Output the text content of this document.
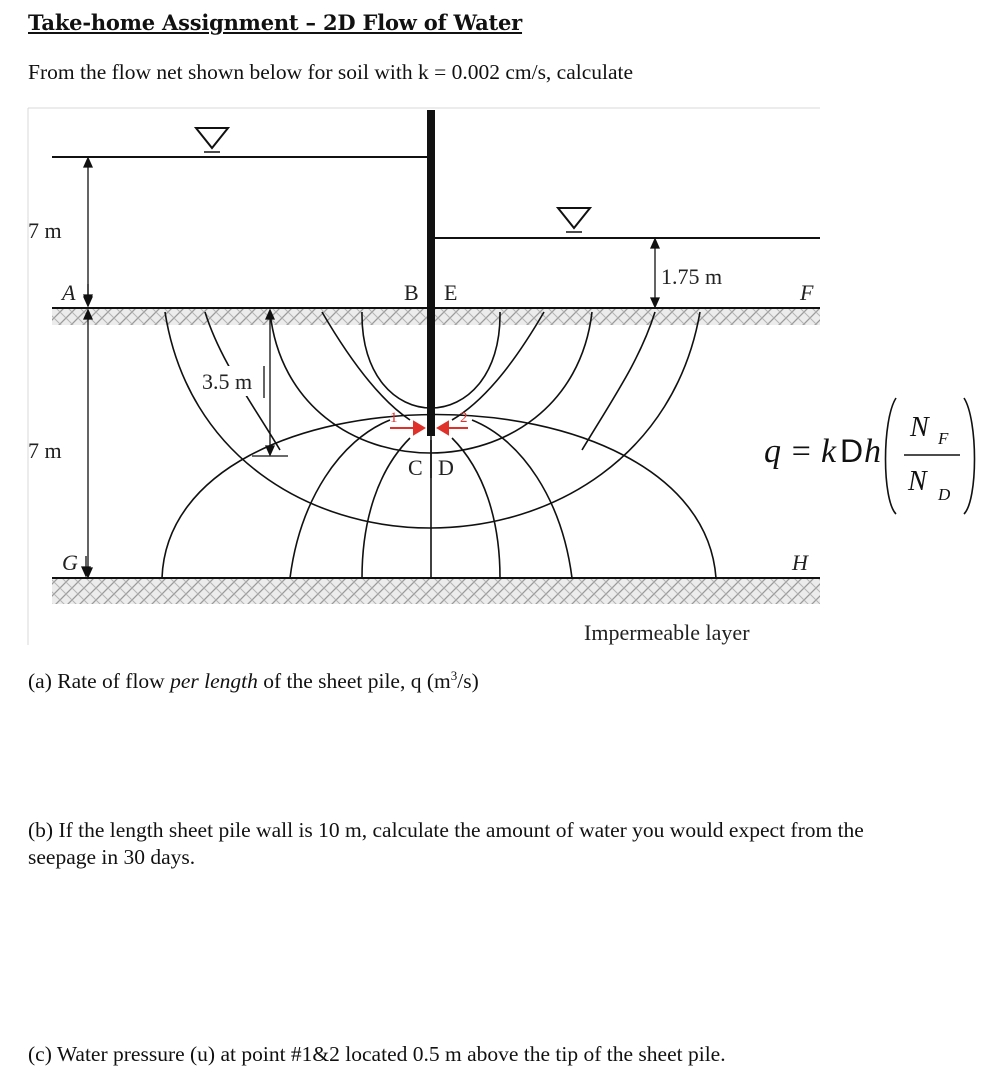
Take-home Assignment – 2D Flow of Water
From the flow net shown below for soil with k = 0.002 cm/s, calculate
7 m
7 m
3.5 m
1.75 m
A	B E	F
C D
G	H
Impermeable layer
1	2
q = k D h
N F
N D
(a) Rate of flow per length of the sheet pile, q $(m^3/s)$
(b) If the length sheet pile wall is 10 m, calculate the amount of water you would expect from the seepage in 30 days.
(c) Water pressure (u) at point #1&2 located 0.5 m above the tip of the sheet pile.
